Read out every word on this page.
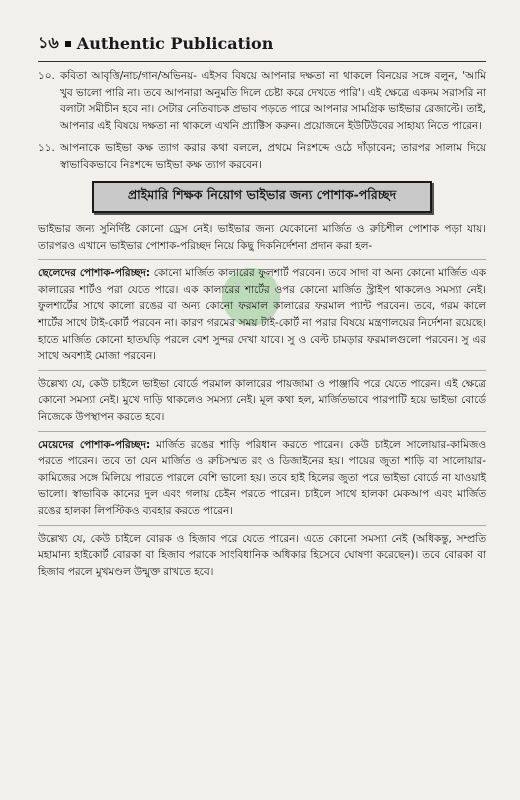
১৬ Authentic Publication
১০. কবিতা আবৃত্তি/নাচ/গান/অভিনয়- এইসব বিষয়ে আপনার দক্ষতা না থাকলে বিনয়ের সঙ্গে বলুন, 'আমি খুব ভালো পারি না। তবে আপনারা অনুমতি দিলে চেষ্টা করে দেখতে পারি'। এই ক্ষেত্রে একদম সরাসরি না বলাটা সমীচীন হবে না। সেটার নেতিবাচক প্রভাব পড়তে পারে আপনার সামগ্রিক ভাইভার রেজাল্টে। তাই, আপনার এই বিষয়ে দক্ষতা না থাকলে এখনি প্র্যাক্টিস করুন। প্রয়োজনে ইউটিউবের সাহায্য নিতে পারেন।
১১. আপনাকে ভাইভা কক্ষ ত্যাগ করার কথা বললে, প্রথমে নিঃশব্দে ওঠে দাঁড়াবেন; তারপর সালাম দিয়ে স্বাভাবিকভাবে নিঃশব্দে ভাইভা কক্ষ ত্যাগ করবেন।
প্রাইমারি শিক্ষক নিয়োগ ভাইভার জন্য পোশাক-পরিচ্ছদ

ভাইভার জন্য সুনির্দিষ্ট কোনো ড্রেস নেই। ভাইভার জন্য যেকোনো মার্জিত ও রুচিশীল পোশাক পড়া যায়। তারপরও এখানে ভাইভার পোশাক-পরিচ্ছদ নিয়ে কিছু দিকনির্দেশনা প্রদান করা হল-

ছেলেদের পোশাক-পরিচ্ছদ: কোনো মার্জিত কালারের ফুলশার্ট পরবেন। তবে সাদা বা অন্য কোনো মার্জিত এক কালারের শার্টও পরা যেতে পারে। এক কালারের শার্টের ওপর কোনো মার্জিত স্ট্রাইপ থাকলেও সমস্যা নেই। ফুলশার্টের সাথে কালো রঙের বা অন্য কোনো ফরমাল কালারের ফরমাল প্যান্ট পরবেন। তবে, গরম কালে শার্টের সাথে টাই-কোর্ট পরবেন না। কারণ গরমের সময় টাই-কোর্ট না পরার বিষয়ে মন্ত্রণালয়ের নির্দেশনা রয়েছে। হাতে মার্জিত কোনো হাতঘড়ি পরলে বেশ সুন্দর দেখা যাবে। সু ও বেল্ট চামড়ার ফরমালগুলো পরবেন। সু এর সাথে অবশ্যই মোজা পরবেন।

উল্লেখ্য যে, কেউ চাইলে ভাইভা বোর্ডে পরমাল কালারের পায়জামা ও পাঞ্জাবি পরে যেতে পারেন। এই ক্ষেত্রে কোনো সমস্যা নেই। মুখে দাড়ি থাকলেও সমস্যা নেই। মূল কথা হল, মার্জিতভাবে পারপাটি হয়ে ভাইভা বোর্ডে নিজেকে উপস্থাপন করতে হবে।

মেয়েদের পোশাক-পরিচ্ছদ: মার্জিত রঙের শাড়ি পরিধান করতে পারেন। কেউ চাইলে সালোয়ার-কামিজও পরতে পারেন। তবে তা যেন মার্জিত ও রুচিসম্মত রং ও ডিজাইনের হয়। পায়ের জুতা শাড়ি বা সালোয়ার-কামিজের সঙ্গে মিলিয়ে পারতে পারলে বেশি ভালো হয়। তবে হাই হিলের জুতা পরে ভাইভা বোর্ডে না যাওয়াই ভালো। স্বাভাবিক কানের দুল এবং গলায় চেইন পরতে পারেন। চাইলে সাথে হালকা মেকআপ এবং মার্জিত রঙের হালকা লিপস্টিকও ব্যবহার করতে পারেন।

উল্লেখ্য যে, কেউ চাইলে বোরক ও হিজাব পরে যেতে পারেন। এতে কোনো সমস্যা নেই (অধিকন্তু, সম্প্রতি মহামান্য হাইকোর্ট বোরকা বা হিজাব পরাকে সাংবিধানিক অধিকার হিসেবে ঘোষণা করেছেন)। তবে বোরকা বা হিজাব পরলে মুখমণ্ডল উন্মুক্ত রাখতে হবে।
